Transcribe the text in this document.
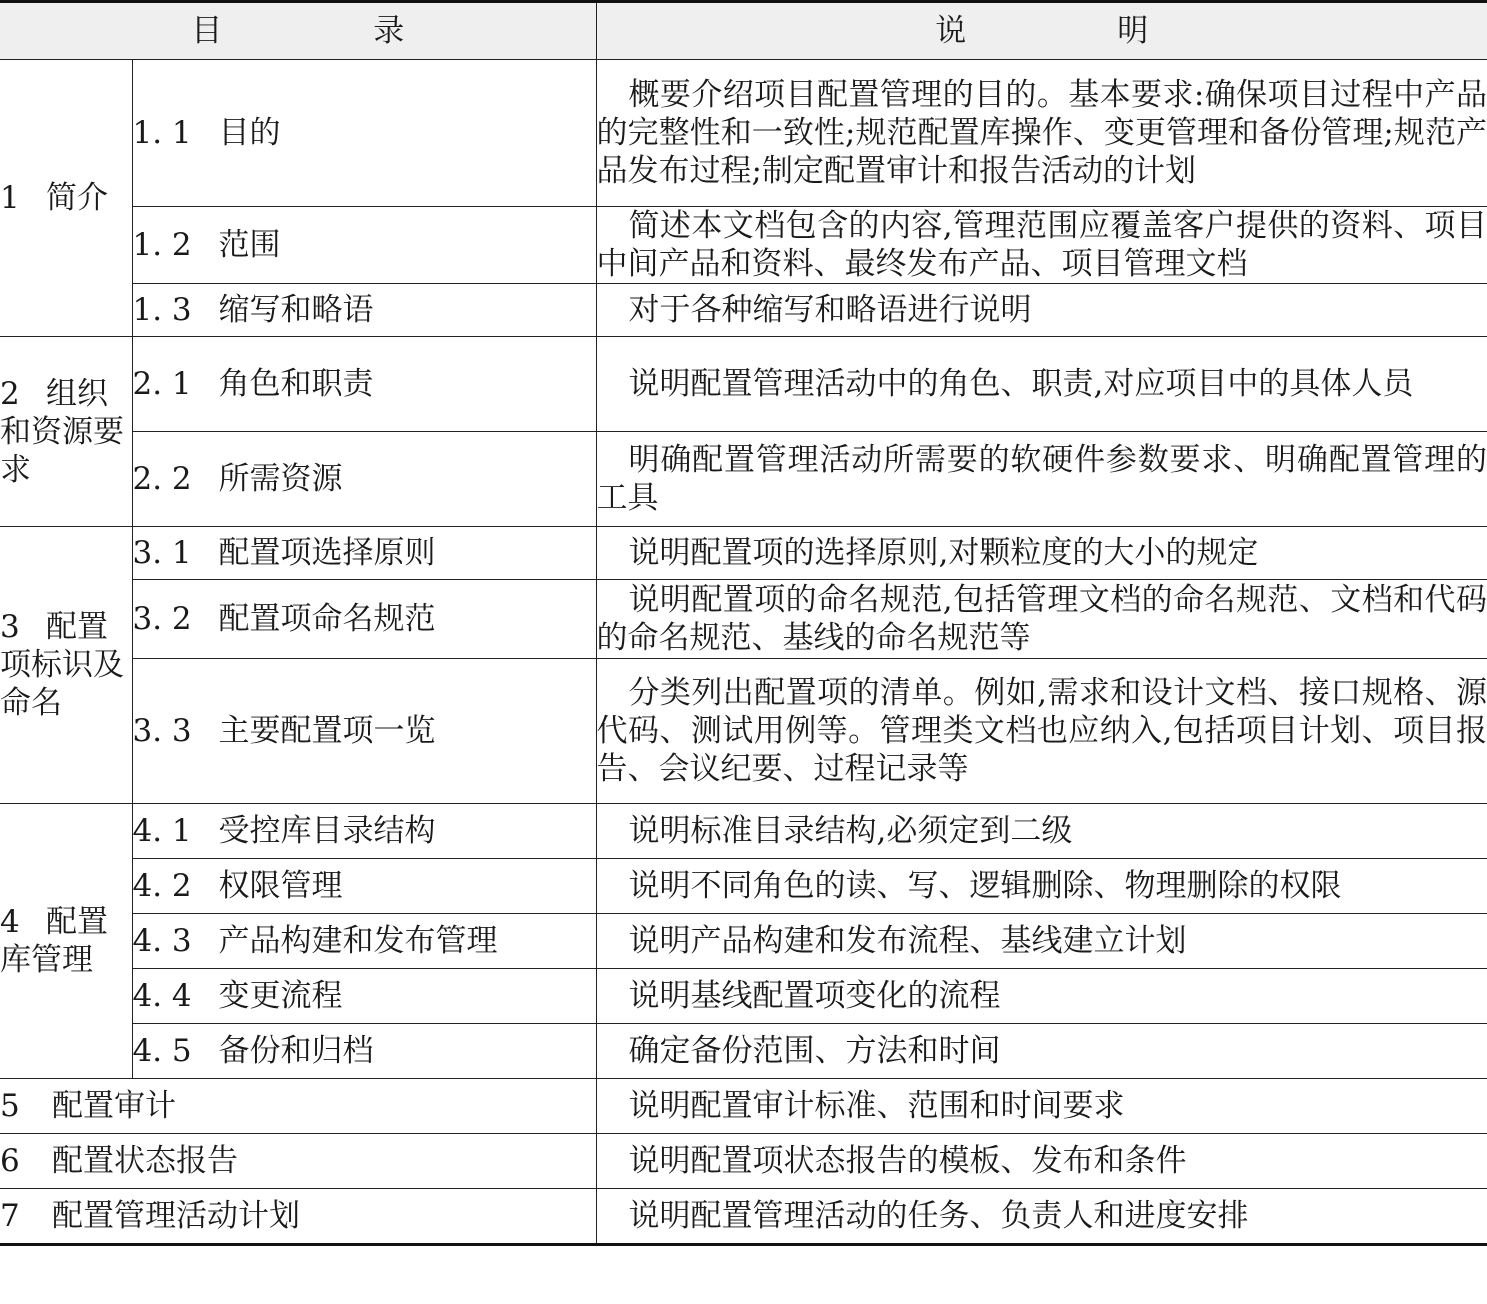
目　录		说　明
1 简介	1. 1 目的	概要介绍项目配置管理的目的。基本要求:确保项目过程中产品的完整性和一致性;规范配置库操作、变更管理和备份管理;规范产品发布过程;制定配置审计和报告活动的计划
	1. 2 范围	简述本文档包含的内容,管理范围应覆盖客户提供的资料、项目中间产品和资料、最终发布产品、项目管理文档
	1. 3 缩写和略语	对于各种缩写和略语进行说明
2 组织和资源要求	2. 1 角色和职责	说明配置管理活动中的角色、职责,对应项目中的具体人员
	2. 2 所需资源	明确配置管理活动所需要的软硬件参数要求、明确配置管理的工具
3 配置项标识及命名	3. 1 配置项选择原则	说明配置项的选择原则,对颗粒度的大小的规定
	3. 2 配置项命名规范	说明配置项的命名规范,包括管理文档的命名规范、文档和代码的命名规范、基线的命名规范等
	3. 3 主要配置项一览	分类列出配置项的清单。例如,需求和设计文档、接口规格、源代码、测试用例等。管理类文档也应纳入,包括项目计划、项目报告、会议纪要、过程记录等
4 配置库管理	4. 1 受控库目录结构	说明标准目录结构,必须定到二级
	4. 2 权限管理	说明不同角色的读、写、逻辑删除、物理删除的权限
	4. 3 产品构建和发布管理	说明产品构建和发布流程、基线建立计划
	4. 4 变更流程	说明基线配置项变化的流程
	4. 5 备份和归档	确定备份范围、方法和时间
5 配置审计		说明配置审计标准、范围和时间要求
6 配置状态报告		说明配置项状态报告的模板、发布和条件
7 配置管理活动计划		说明配置管理活动的任务、负责人和进度安排
